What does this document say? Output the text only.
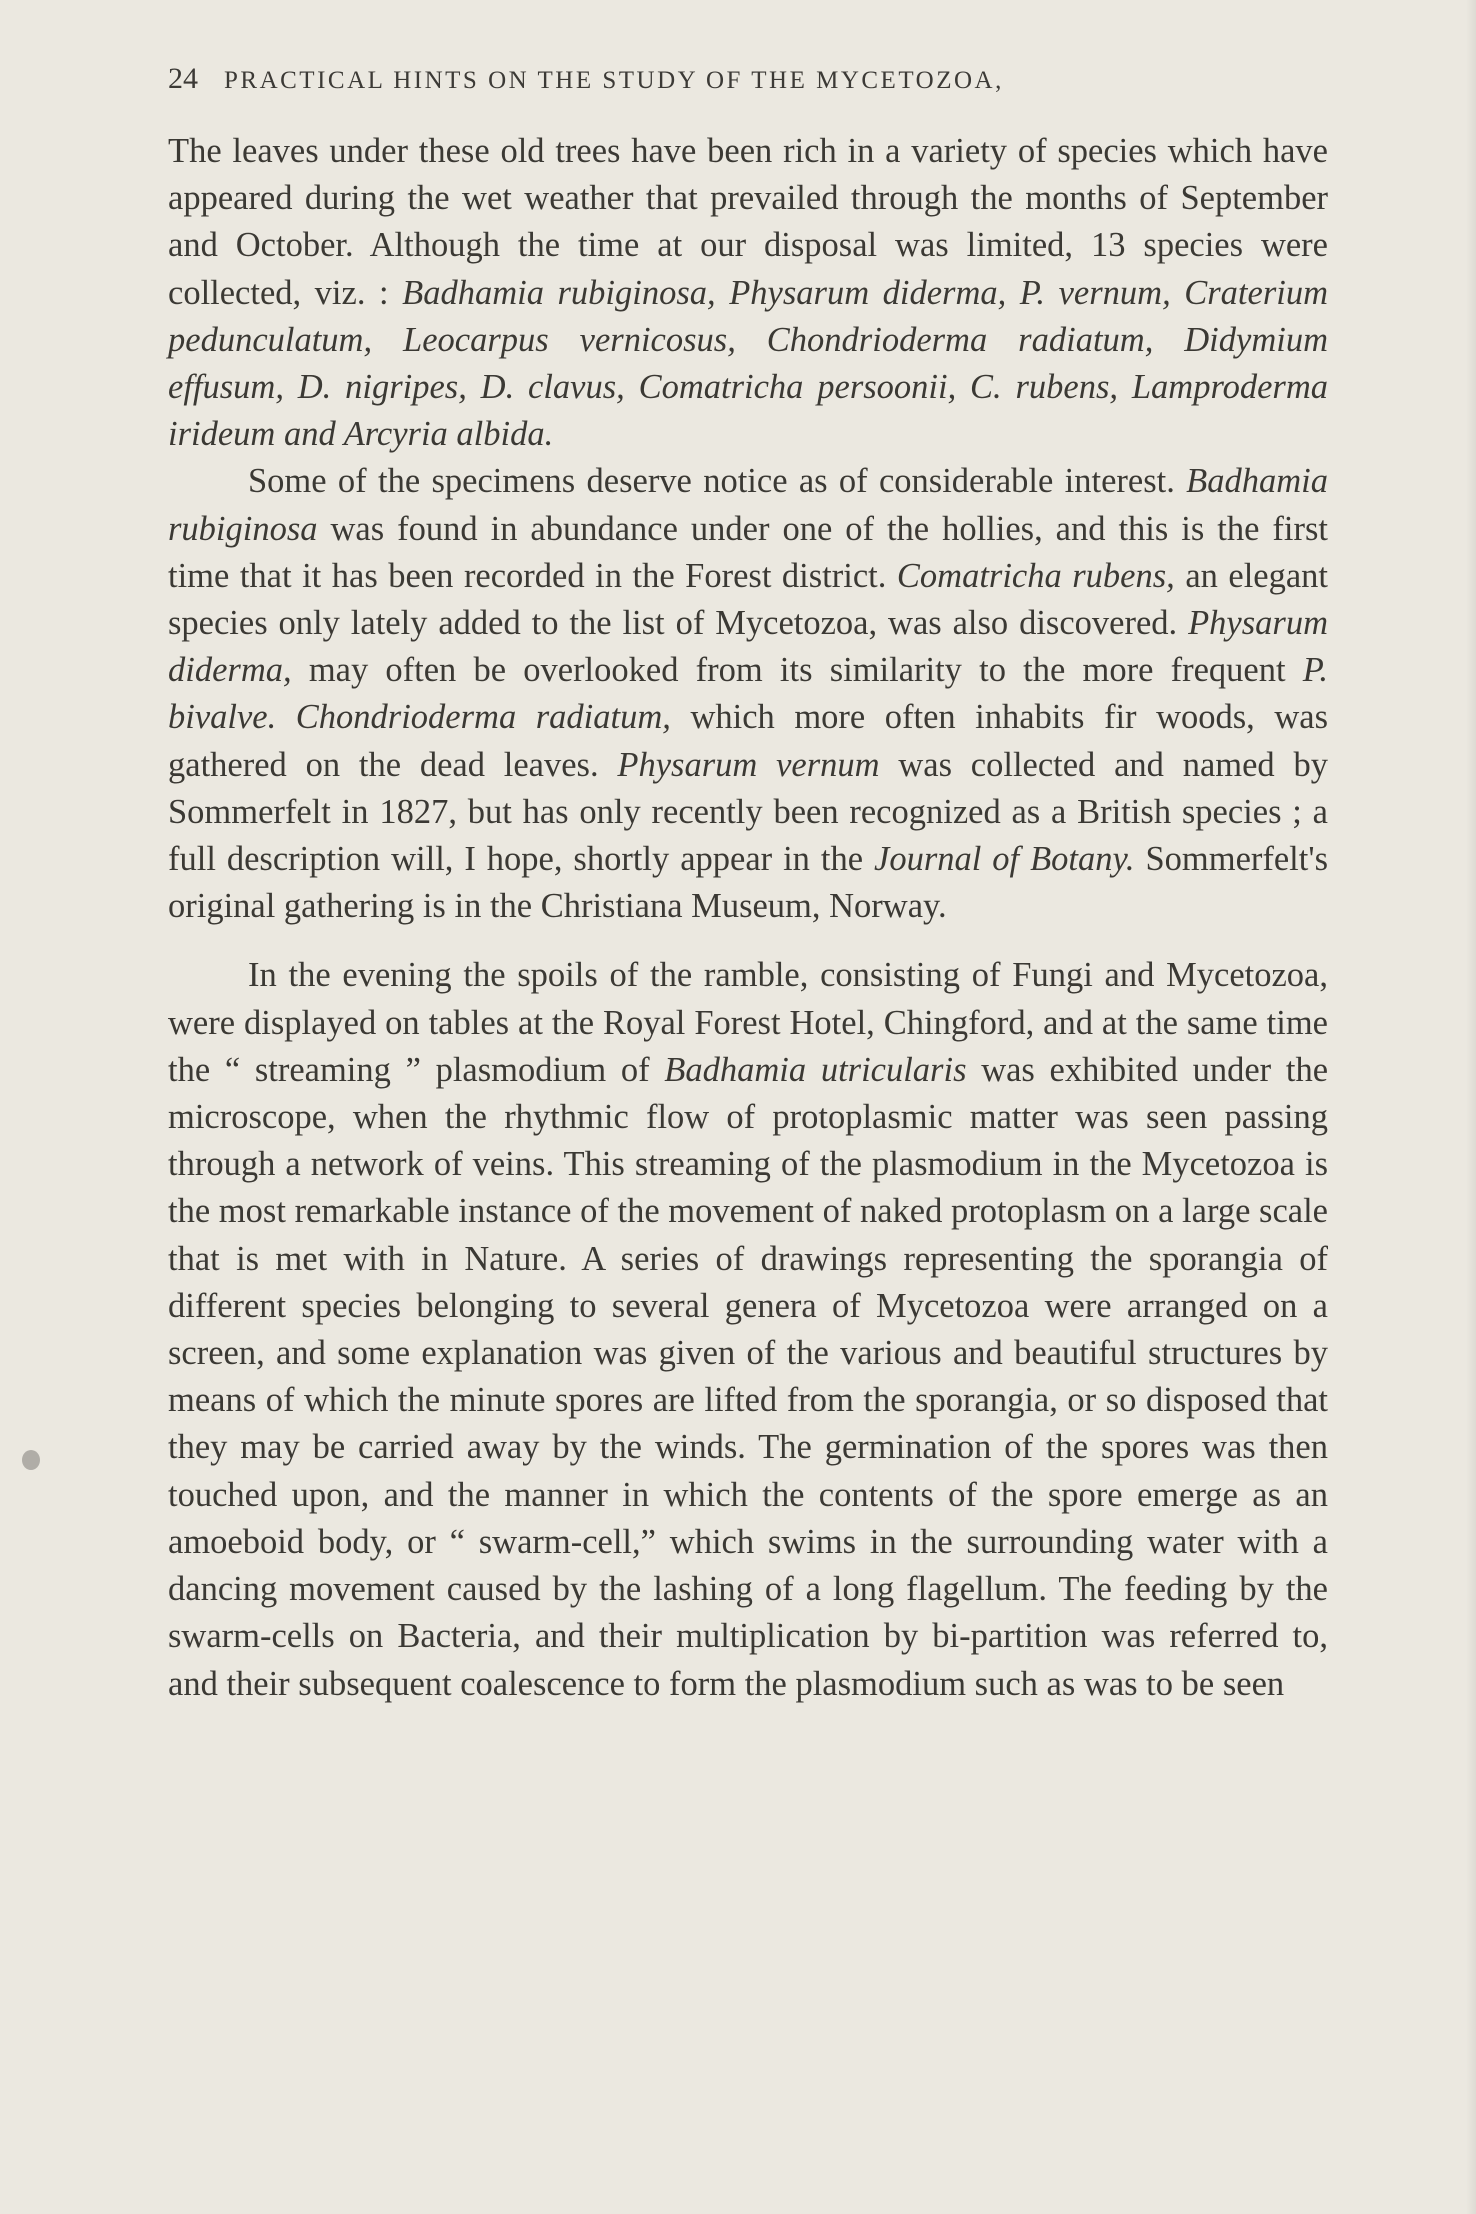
24 PRACTICAL HINTS ON THE STUDY OF THE MYCETOZOA,

The leaves under these old trees have been rich in a variety of species which have appeared during the wet weather that prevailed through the months of September and October. Although the time at our disposal was limited, 13 species were collected, viz. : Badhamia rubiginosa, Physarum diderma, P. vernum, Craterium pedunculatum, Leocarpus vernicosus, Chondrioderma radiatum, Didymium effusum, D. nigripes, D. clavus, Comatricha persoonii, C. rubens, Lamproderma irideum and Arcyria albida.

Some of the specimens deserve notice as of considerable interest. Badhamia rubiginosa was found in abundance under one of the hollies, and this is the first time that it has been recorded in the Forest district. Comatricha rubens, an elegant species only lately added to the list of Mycetozoa, was also discovered. Physarum diderma, may often be overlooked from its similarity to the more frequent P. bivalve. Chondrioderma radiatum, which more often inhabits fir woods, was gathered on the dead leaves. Physarum vernum was collected and named by Sommerfelt in 1827, but has only recently been recognized as a British species ; a full description will, I hope, shortly appear in the Journal of Botany. Sommerfelt's original gathering is in the Christiana Museum, Norway.

In the evening the spoils of the ramble, consisting of Fungi and Mycetozoa, were displayed on tables at the Royal Forest Hotel, Chingford, and at the same time the “ streaming ” plasmodium of Badhamia utricularis was exhibited under the microscope, when the rhythmic flow of protoplasmic matter was seen passing through a network of veins. This streaming of the plasmodium in the Mycetozoa is the most remarkable instance of the movement of naked protoplasm on a large scale that is met with in Nature. A series of drawings representing the sporangia of different species belonging to several genera of Mycetozoa were arranged on a screen, and some explanation was given of the various and beautiful structures by means of which the minute spores are lifted from the sporangia, or so disposed that they may be carried away by the winds. The germination of the spores was then touched upon, and the manner in which the contents of the spore emerge as an amoeboid body, or “ swarm-cell,” which swims in the surrounding water with a dancing movement caused by the lashing of a long flagellum. The feeding by the swarm-cells on Bacteria, and their multiplication by bi-partition was referred to, and their subsequent coalescence to form the plasmodium such as was to be seen
